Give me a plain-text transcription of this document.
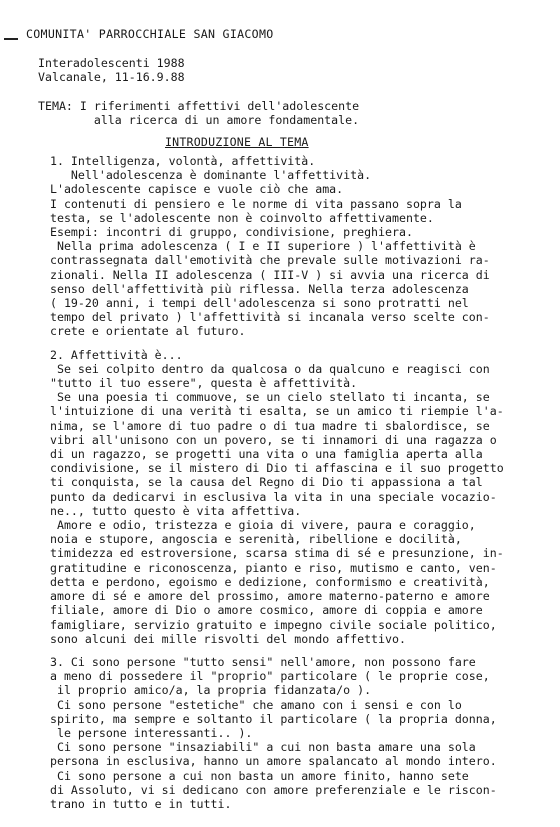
COMUNITA' PARROCCHIALE SAN GIACOMO
Interadolescenti 1988
Valcanale, 11-16.9.88
TEMA: I riferimenti affettivi dell'adolescente
alla ricerca di un amore fondamentale.
INTRODUZIONE AL TEMA
1. Intelligenza, volontà, affettività.
Nell'adolescenza è dominante l'affettività.
L'adolescente capisce e vuole ciò che ama.
I contenuti di pensiero e le norme di vita passano sopra la
testa, se l'adolescente non è coinvolto affettivamente.
Esempi: incontri di gruppo, condivisione, preghiera.
Nella prima adolescenza ( I e II superiore ) l'affettività è
contrassegnata dall'emotività che prevale sulle motivazioni ra-
zionali. Nella II adolescenza ( III-V ) si avvia una ricerca di
senso dell'affettività più riflessa. Nella terza adolescenza
( 19-20 anni, i tempi dell'adolescenza si sono protratti nel
tempo del privato ) l'affettività si incanala verso scelte con-
crete e orientate al futuro.
2. Affettività è...
Se sei colpito dentro da qualcosa o da qualcuno e reagisci con
"tutto il tuo essere", questa è affettività.
Se una poesia ti commuove, se un cielo stellato ti incanta, se
l'intuizione di una verità ti esalta, se un amico ti riempie l'a-
nima, se l'amore di tuo padre o di tua madre ti sbalordisce, se
vibri all'unisono con un povero, se ti innamori di una ragazza o
di un ragazzo, se progetti una vita o una famiglia aperta alla
condivisione, se il mistero di Dio ti affascina e il suo progetto
ti conquista, se la causa del Regno di Dio ti appassiona a tal
punto da dedicarvi in esclusiva la vita in una speciale vocazio-
ne.., tutto questo è vita affettiva.
Amore e odio, tristezza e gioia di vivere, paura e coraggio,
noia e stupore, angoscia e serenità, ribellione e docilità,
timidezza ed estroversione, scarsa stima di sé e presunzione, in-
gratitudine e riconoscenza, pianto e riso, mutismo e canto, ven-
detta e perdono, egoismo e dedizione, conformismo e creatività,
amore di sé e amore del prossimo, amore materno-paterno e amore
filiale, amore di Dio o amore cosmico, amore di coppia e amore
famigliare, servizio gratuito e impegno civile sociale politico,
sono alcuni dei mille risvolti del mondo affettivo.
3. Ci sono persone "tutto sensi" nell'amore, non possono fare
a meno di possedere il "proprio" particolare ( le proprie cose,
il proprio amico/a, la propria fidanzata/o ).
Ci sono persone "estetiche" che amano con i sensi e con lo
spirito, ma sempre e soltanto il particolare ( la propria donna,
le persone interessanti.. ).
Ci sono persone "insaziabili" a cui non basta amare una sola
persona in esclusiva, hanno un amore spalancato al mondo intero.
Ci sono persone a cui non basta un amore finito, hanno sete
di Assoluto, vi si dedicano con amore preferenziale e le riscon-
trano in tutto e in tutti.
